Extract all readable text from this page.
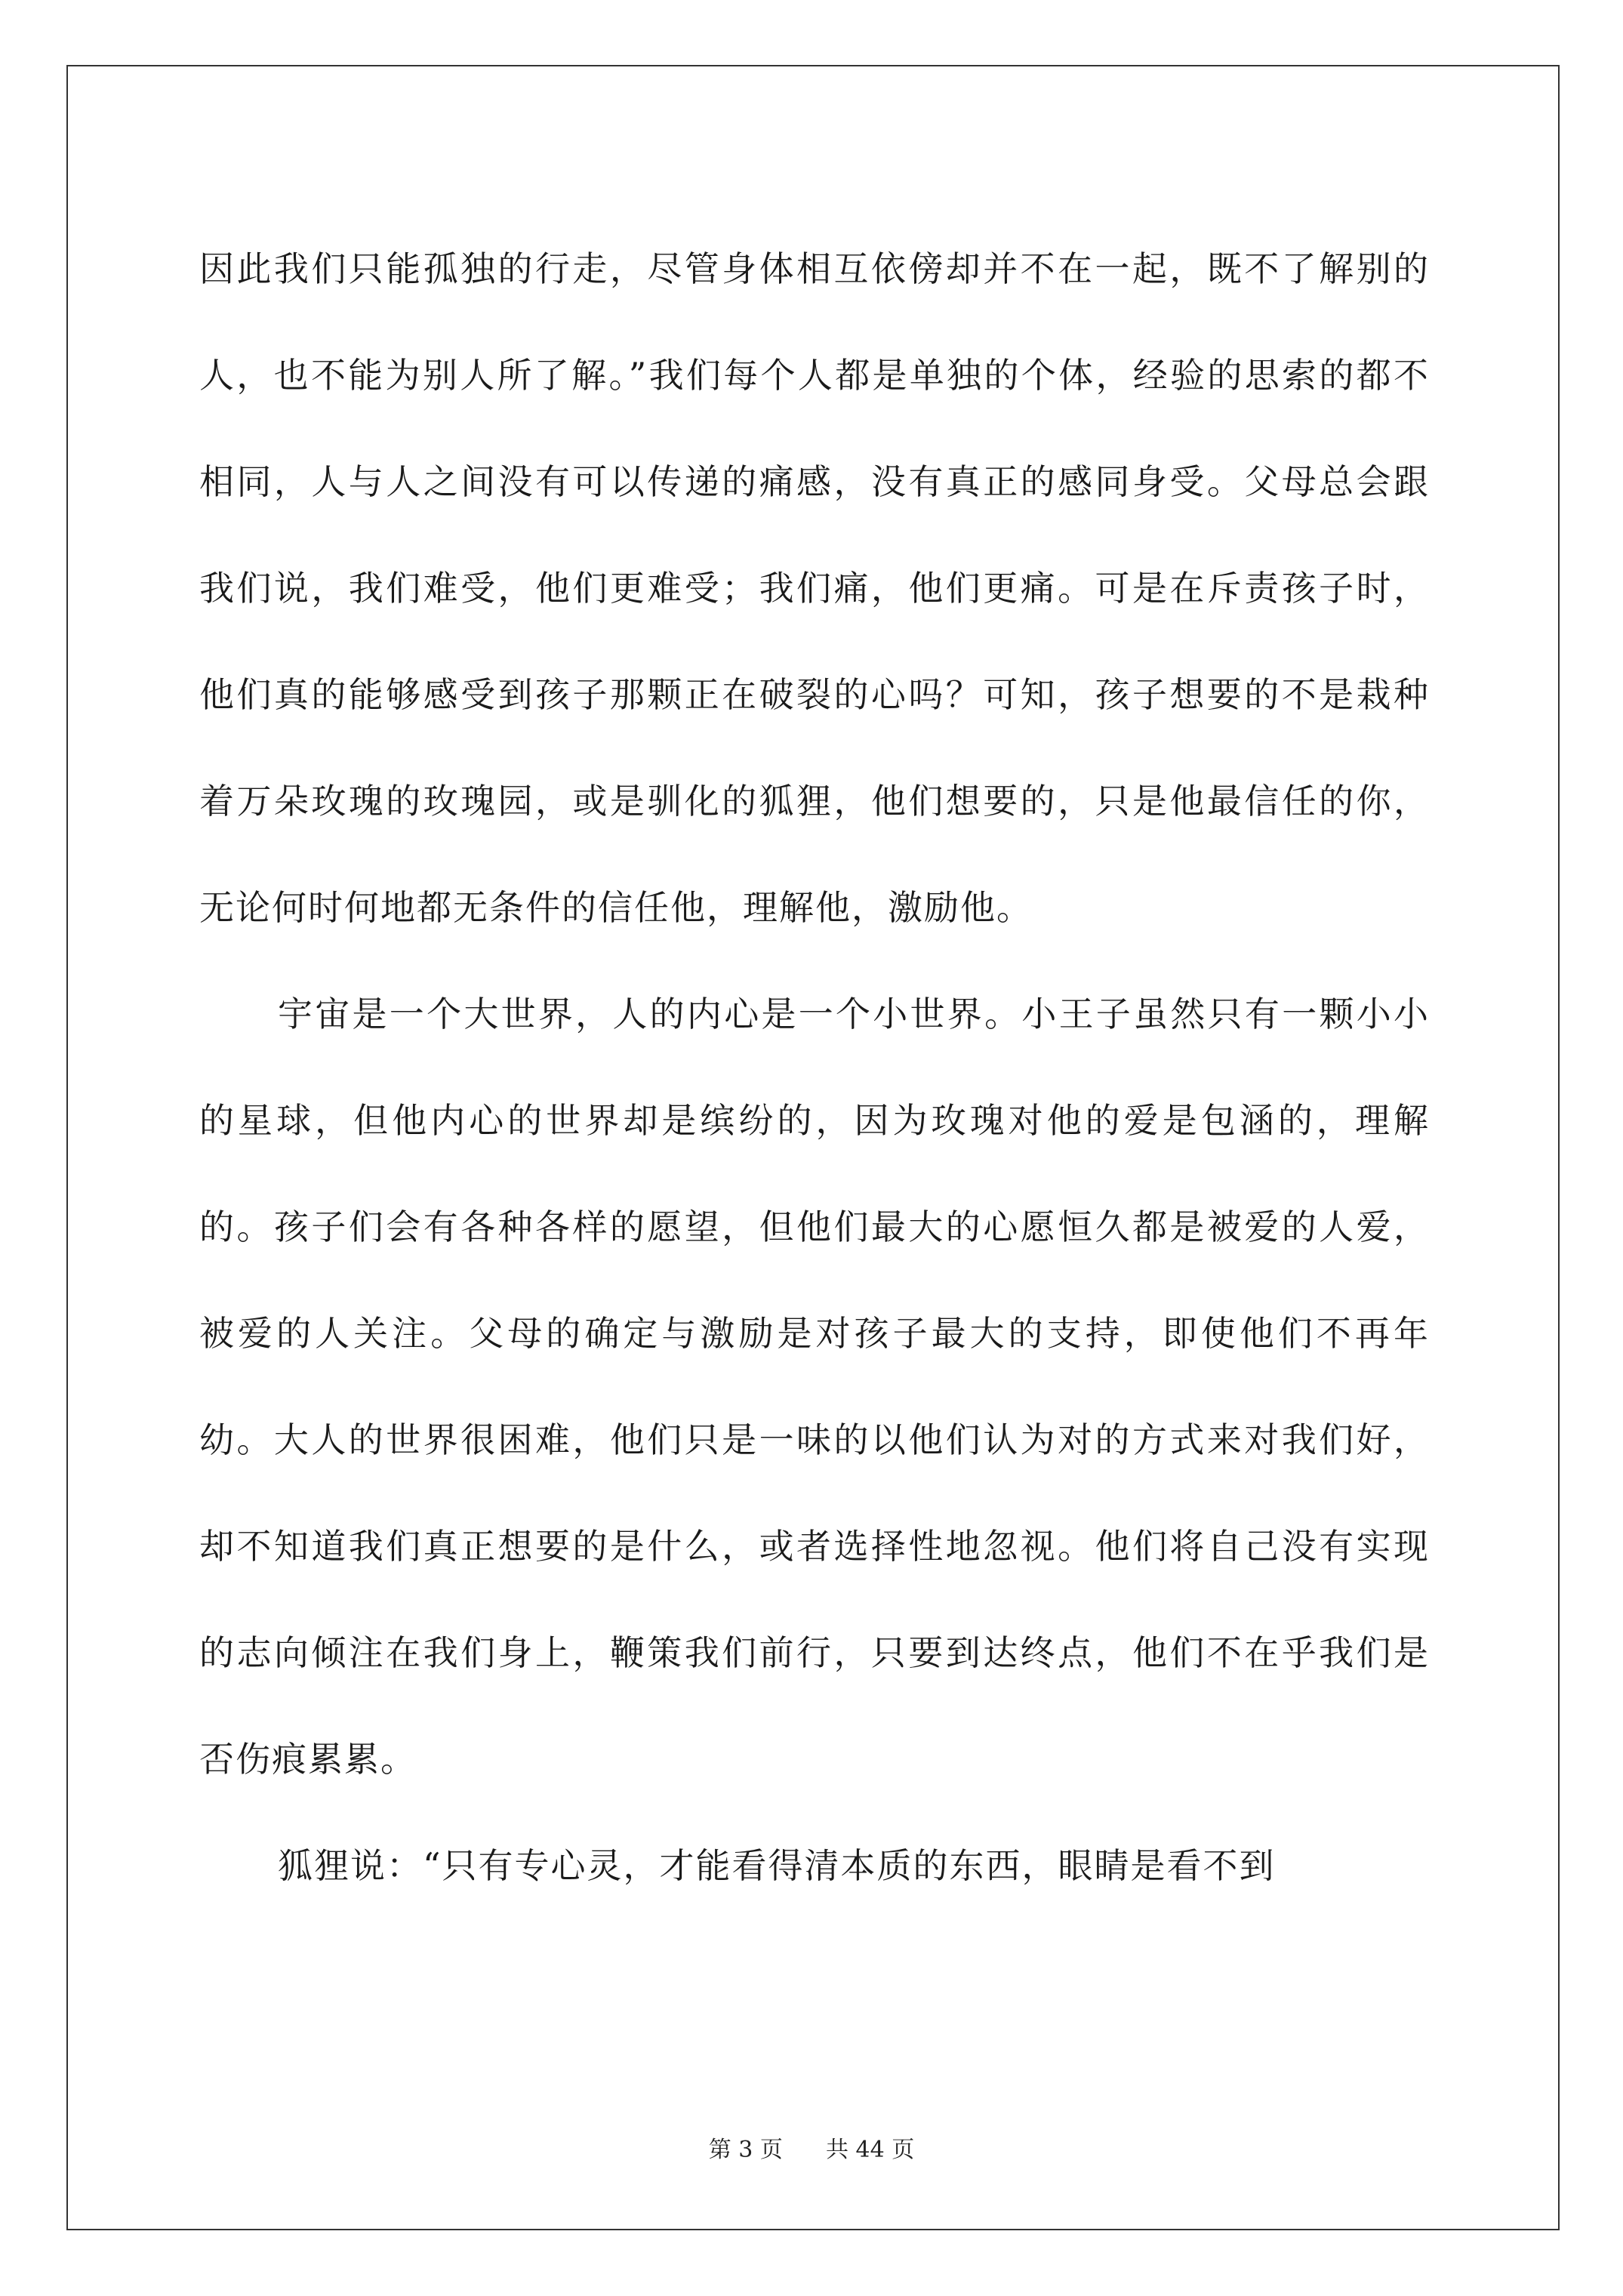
因此我们只能孤独的行走，尽管身体相互依傍却并不在一起，既不了解别的人，也不能为别人所了解。”我们每个人都是单独的个体，经验的思索的都不相同，人与人之间没有可以传递的痛感，没有真正的感同身受。父母总会跟我们说，我们难受，他们更难受；我们痛，他们更痛。可是在斥责孩子时，他们真的能够感受到孩子那颗正在破裂的心吗？可知，孩子想要的不是栽种着万朵玫瑰的玫瑰园，或是驯化的狐狸，他们想要的，只是他最信任的你，无论何时何地都无条件的信任他，理解他，激励他。

宇宙是一个大世界，人的内心是一个小世界。小王子虽然只有一颗小小的星球，但他内心的世界却是缤纷的，因为玫瑰对他的爱是包涵的，理解的。孩子们会有各种各样的愿望，但他们最大的心愿恒久都是被爱的人爱，被爱的人关注。父母的确定与激励是对孩子最大的支持，即使他们不再年幼。大人的世界很困难，他们只是一味的以他们认为对的方式来对我们好，却不知道我们真正想要的是什么，或者选择性地忽视。他们将自己没有实现的志向倾注在我们身上，鞭策我们前行，只要到达终点，他们不在乎我们是否伤痕累累。

狐狸说：“只有专心灵，才能看得清本质的东西，眼睛是看不到

第 3 页 共 44 页
